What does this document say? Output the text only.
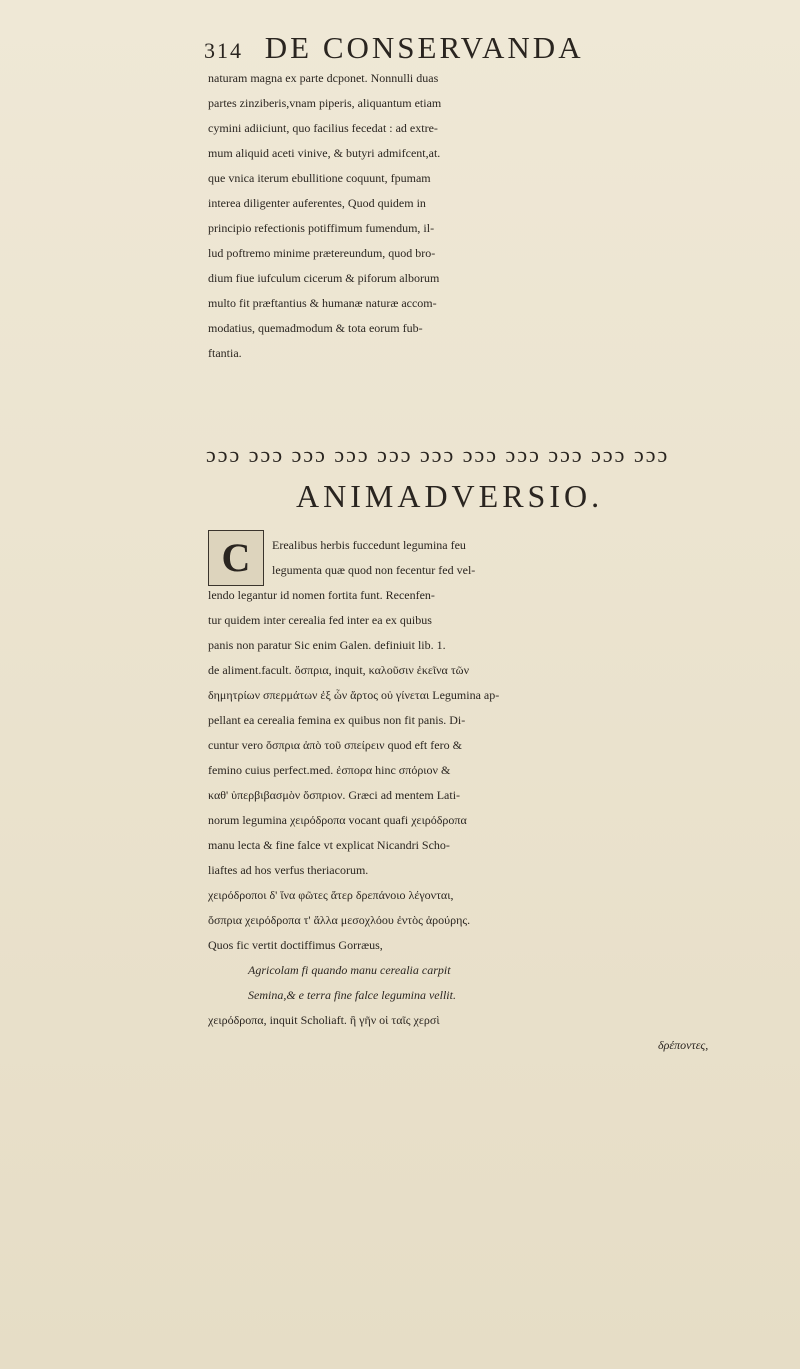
314 DE CONSERVANDA
naturam magna ex parte dcponet. Nonnulli duas
partes zinziberis,vnam piperis, aliquantum etiam
cymini adiiciunt, quo facilius fecedat : ad extre-
mum aliquid aceti vinive, & butyri admifcent,at.
que vnica iterum ebullitione coquunt, fpumam
interea diligenter auferentes, Quod quidem in
principio refectionis potiffimum fumendum, il-
lud poftremo minime prætereundum, quod bro-
dium fiue iufculum cicerum & piforum alborum
multo fit præftantius & humanæ naturæ accom-
modatius, quemadmodum & tota eorum fub-
ftantia.
ɔɔɔ ɔɔɔ ɔɔɔ ɔɔɔ ɔɔɔ ɔɔɔ ɔɔɔ ɔɔɔ ɔɔɔ ɔɔɔ ɔɔɔ
ANIMADVERSIO.
C	Erealibus herbis fuccedunt legumina feu
legumenta quæ quod non fecentur fed vel-
lendo legantur id nomen fortita funt. Recenfen-
tur quidem inter cerealia fed inter ea ex quibus
panis non paratur Sic enim Galen. definiuit lib. 1.
de aliment.facult. ὄσπρια, inquit, καλοῦσιν ἐκεῖνα τῶν
δημητρίων σπερμάτων ἐξ ὧν ἄρτος οὐ γίνεται Legumina ap-
pellant ea cerealia femina ex quibus non fit panis. Di-
cuntur vero ὄσπρια ἀπὸ τοῦ σπείρειν quod eft fero &
femino cuius perfect.med. ἐσπορα hinc σπόριον &
καθ' ὑπερβιβασμὸν ὄσπριον. Græci ad mentem Lati-
norum legumina χειρόδροπα vocant quafi χειρόδροπα
manu lecta & fine falce vt explicat Nicandri Scho-
liaftes ad hos verfus theriacorum.
χειρόδροποι δ' ἵνα φῶτες ἄτερ δρεπάνοιο λέγονται,
ὄσπρια χειρόδροπα τ' ἄλλα μεσοχλόου ἐντὸς ἀρούρης.
Quos fic vertit doctiffimus Gorræus,
Agricolam fi quando manu cerealia carpit
Semina,& e terra fine falce legumina vellit.
χειρόδροπα, inquit Scholiaft. ἣ γῆν οἱ ταῖς χερσὶ
δρέποντες,
